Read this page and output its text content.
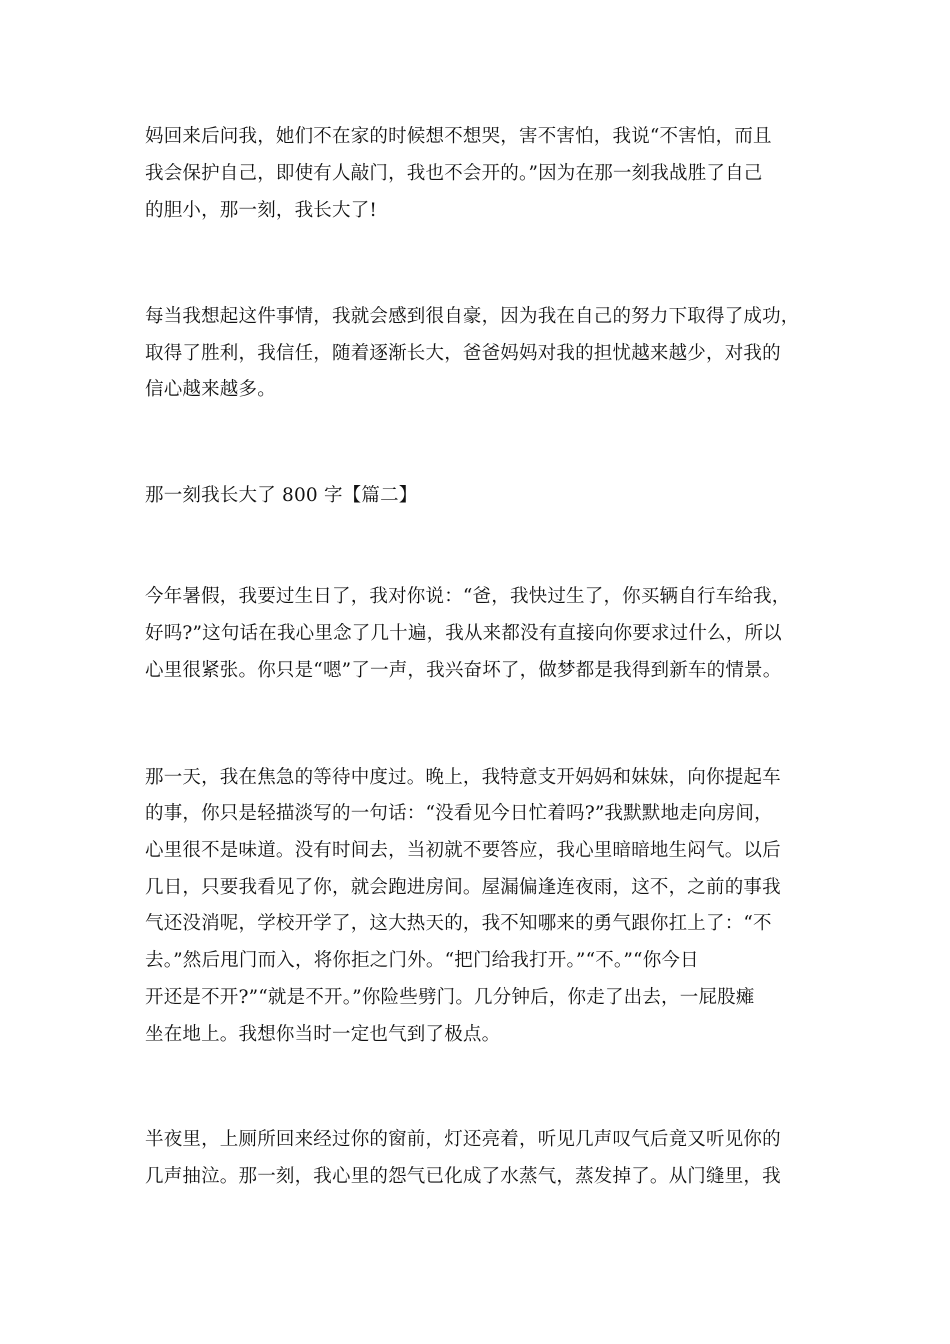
妈回来后问我，她们不在家的时候想不想哭，害不害怕，我说“不害怕，而且
我会保护自己，即使有人敲门，我也不会开的。”因为在那一刻我战胜了自己
的胆小，那一刻，我长大了!
每当我想起这件事情，我就会感到很自豪，因为我在自己的努力下取得了成功，
取得了胜利，我信任，随着逐渐长大，爸爸妈妈对我的担忧越来越少，对我的
信心越来越多。
那一刻我长大了 800 字【篇二】
今年暑假，我要过生日了，我对你说：“爸，我快过生了，你买辆自行车给我，
好吗?”这句话在我心里念了几十遍，我从来都没有直接向你要求过什么，所以
心里很紧张。你只是“嗯”了一声，我兴奋坏了，做梦都是我得到新车的情景。
那一天，我在焦急的等待中度过。晚上，我特意支开妈妈和妹妹，向你提起车
的事，你只是轻描淡写的一句话：“没看见今日忙着吗?”我默默地走向房间，
心里很不是味道。没有时间去，当初就不要答应，我心里暗暗地生闷气。以后
几日，只要我看见了你，就会跑进房间。屋漏偏逢连夜雨，这不，之前的事我
气还没消呢，学校开学了，这大热天的，我不知哪来的勇气跟你扛上了：“不
去。”然后甩门而入，将你拒之门外。“把门给我打开。”“不。”“你今日
开还是不开?”“就是不开。”你险些劈门。几分钟后，你走了出去，一屁股瘫
坐在地上。我想你当时一定也气到了极点。
半夜里，上厕所回来经过你的窗前，灯还亮着，听见几声叹气后竟又听见你的
几声抽泣。那一刻，我心里的怨气已化成了水蒸气，蒸发掉了。从门缝里，我
